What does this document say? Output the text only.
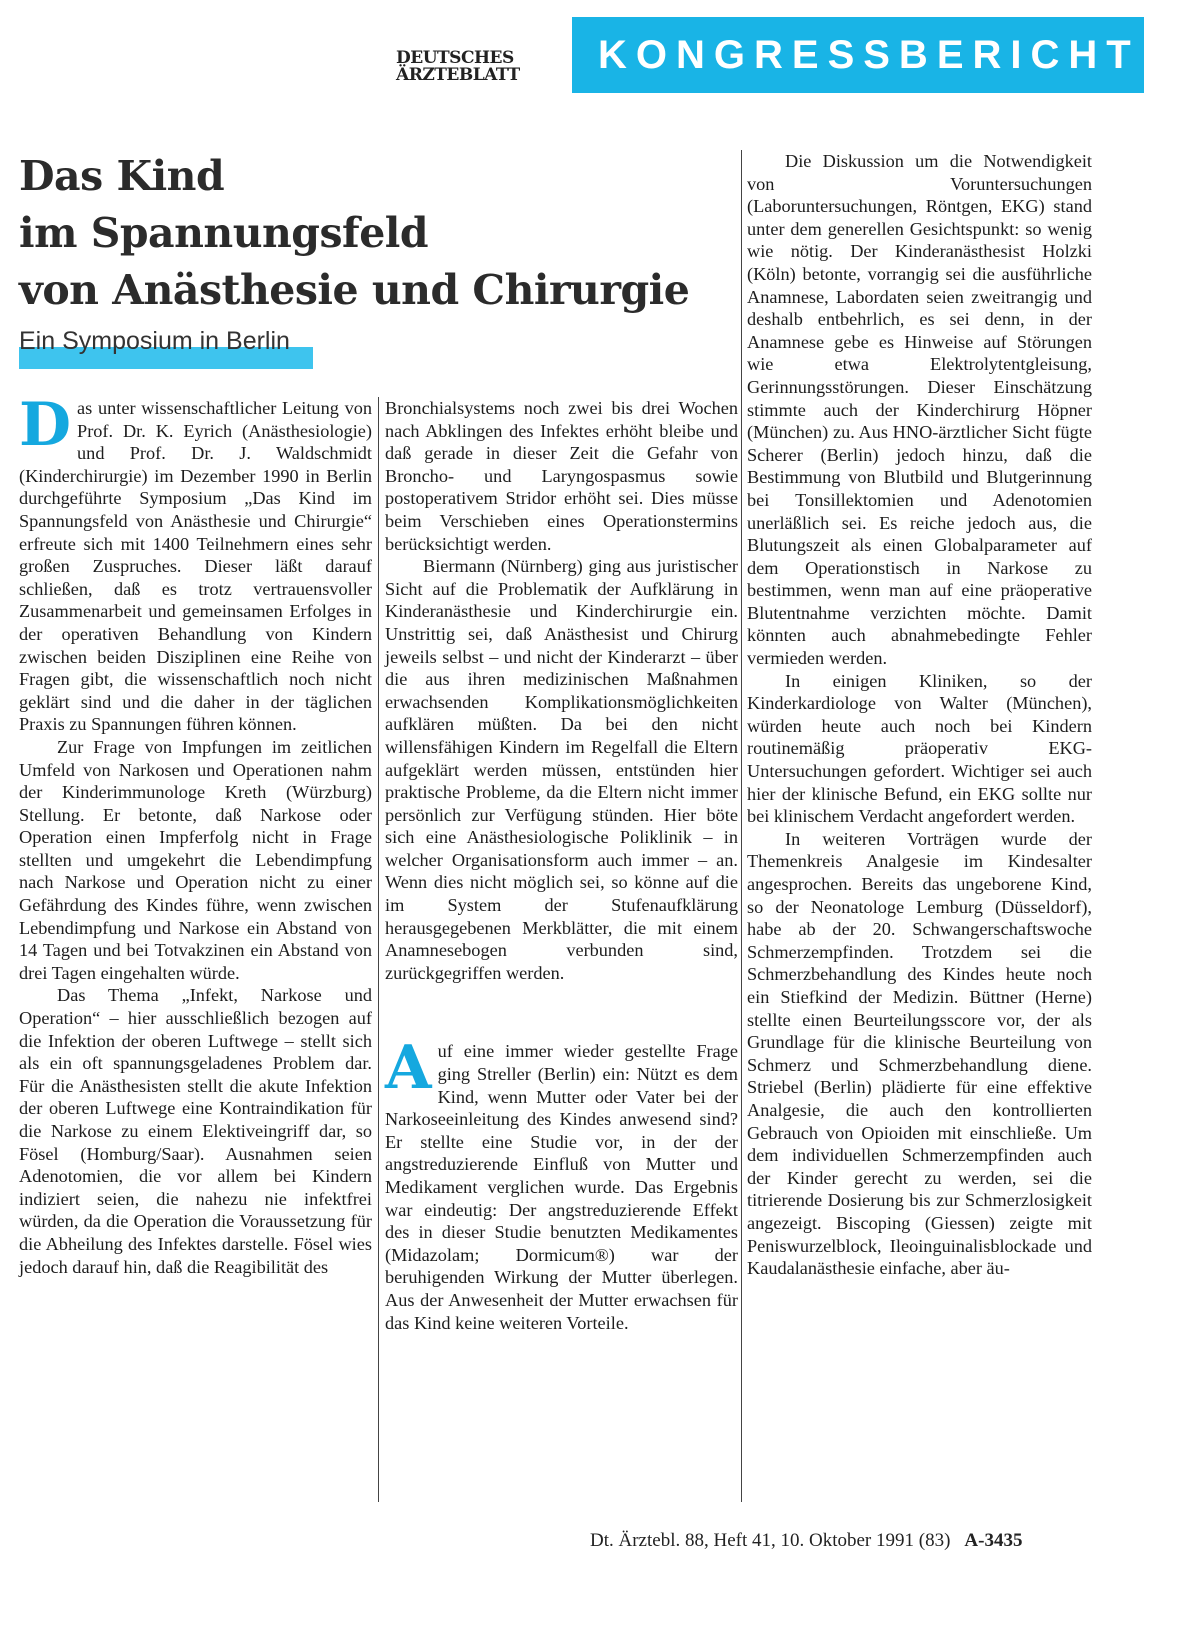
DEUTSCHES
ÄRZTEBLATT	KONGRESSBERICHT
Das Kind
im Spannungsfeld
von Anästhesie und Chirurgie
Ein Symposium in Berlin

Das unter wissenschaftlicher Leitung von Prof. Dr. K. Eyrich (Anästhesiologie) und Prof. Dr. J. Waldschmidt (Kinderchirurgie) im Dezember 1990 in Berlin durchgeführte Symposium „Das Kind im Spannungsfeld von Anästhesie und Chirurgie“ erfreute sich mit 1400 Teilnehmern eines sehr großen Zuspruches. Dieser läßt darauf schließen, daß es trotz vertrauensvoller Zusammenarbeit und gemeinsamen Erfolges in der operativen Behandlung von Kindern zwischen beiden Disziplinen eine Reihe von Fragen gibt, die wissenschaftlich noch nicht geklärt sind und die daher in der täglichen Praxis zu Spannungen führen können.

Zur Frage von Impfungen im zeitlichen Umfeld von Narkosen und Operationen nahm der Kinderimmunologe Kreth (Würzburg) Stellung. Er betonte, daß Narkose oder Operation einen Impferfolg nicht in Frage stellten und umgekehrt die Lebendimpfung nach Narkose und Operation nicht zu einer Gefährdung des Kindes führe, wenn zwischen Lebendimpfung und Narkose ein Abstand von 14 Tagen und bei Totvakzinen ein Abstand von drei Tagen eingehalten würde.

Das Thema „Infekt, Narkose und Operation“ – hier ausschließlich bezogen auf die Infektion der oberen Luftwege – stellt sich als ein oft spannungsgeladenes Problem dar. Für die Anästhesisten stellt die akute Infektion der oberen Luftwege eine Kontraindikation für die Narkose zu einem Elektiveingriff dar, so Fösel (Homburg/Saar). Ausnahmen seien Adenotomien, die vor allem bei Kindern indiziert seien, die nahezu nie infektfrei würden, da die Operation die Voraussetzung für die Abheilung des Infektes darstelle. Fösel wies jedoch darauf hin, daß die Reagibilität des

Bronchialsystems noch zwei bis drei Wochen nach Abklingen des Infektes erhöht bleibe und daß gerade in dieser Zeit die Gefahr von Broncho- und Laryngospasmus sowie postoperativem Stridor erhöht sei. Dies müsse beim Verschieben eines Operationstermins berücksichtigt werden.

Biermann (Nürnberg) ging aus juristischer Sicht auf die Problematik der Aufklärung in Kinderanästhesie und Kinderchirurgie ein. Unstrittig sei, daß Anästhesist und Chirurg jeweils selbst – und nicht der Kinderarzt – über die aus ihren medizinischen Maßnahmen erwachsenden Komplikationsmöglichkeiten aufklären müßten. Da bei den nicht willensfähigen Kindern im Regelfall die Eltern aufgeklärt werden müssen, entstünden hier praktische Probleme, da die Eltern nicht immer persönlich zur Verfügung stünden. Hier böte sich eine Anästhesiologische Poliklinik – in welcher Organisationsform auch immer – an. Wenn dies nicht möglich sei, so könne auf die im System der Stufenaufklärung herausgegebenen Merkblätter, die mit einem Anamnesebogen verbunden sind, zurückgegriffen werden.

Auf eine immer wieder gestellte Frage ging Streller (Berlin) ein: Nützt es dem Kind, wenn Mutter oder Vater bei der Narkoseeinleitung des Kindes anwesend sind? Er stellte eine Studie vor, in der der angstreduzierende Einfluß von Mutter und Medikament verglichen wurde. Das Ergebnis war eindeutig: Der angstreduzierende Effekt des in dieser Studie benutzten Medikamentes (Midazolam; Dormicum®) war der beruhigenden Wirkung der Mutter überlegen. Aus der Anwesenheit der Mutter erwachsen für das Kind keine weiteren Vorteile.

Die Diskussion um die Notwendigkeit von Voruntersuchungen (Laboruntersuchungen, Röntgen, EKG) stand unter dem generellen Gesichtspunkt: so wenig wie nötig. Der Kinderanästhesist Holzki (Köln) betonte, vorrangig sei die ausführliche Anamnese, Labordaten seien zweitrangig und deshalb entbehrlich, es sei denn, in der Anamnese gebe es Hinweise auf Störungen wie etwa Elektrolytentgleisung, Gerinnungsstörungen. Dieser Einschätzung stimmte auch der Kinderchirurg Höpner (München) zu. Aus HNO-ärztlicher Sicht fügte Scherer (Berlin) jedoch hinzu, daß die Bestimmung von Blutbild und Blutgerinnung bei Tonsillektomien und Adenotomien unerläßlich sei. Es reiche jedoch aus, die Blutungszeit als einen Globalparameter auf dem Operationstisch in Narkose zu bestimmen, wenn man auf eine präoperative Blutentnahme verzichten möchte. Damit könnten auch abnahmebedingte Fehler vermieden werden.

In einigen Kliniken, so der Kinderkardiologe von Walter (München), würden heute auch noch bei Kindern routinemäßig präoperativ EKG-Untersuchungen gefordert. Wichtiger sei auch hier der klinische Befund, ein EKG sollte nur bei klinischem Verdacht angefordert werden.

In weiteren Vorträgen wurde der Themenkreis Analgesie im Kindesalter angesprochen. Bereits das ungeborene Kind, so der Neonatologe Lemburg (Düsseldorf), habe ab der 20. Schwangerschaftswoche Schmerzempfinden. Trotzdem sei die Schmerzbehandlung des Kindes heute noch ein Stiefkind der Medizin. Büttner (Herne) stellte einen Beurteilungsscore vor, der als Grundlage für die klinische Beurteilung von Schmerz und Schmerzbehandlung diene. Striebel (Berlin) plädierte für eine effektive Analgesie, die auch den kontrollierten Gebrauch von Opioiden mit einschließe. Um dem individuellen Schmerzempfinden auch der Kinder gerecht zu werden, sei die titrierende Dosierung bis zur Schmerzlosigkeit angezeigt. Biscoping (Giessen) zeigte mit Peniswurzelblock, Ileoinguinalisblockade und Kaudalanästhesie einfache, aber äu-

Dt. Ärztebl. 88, Heft 41, 10. Oktober 1991 (83) A-3435
